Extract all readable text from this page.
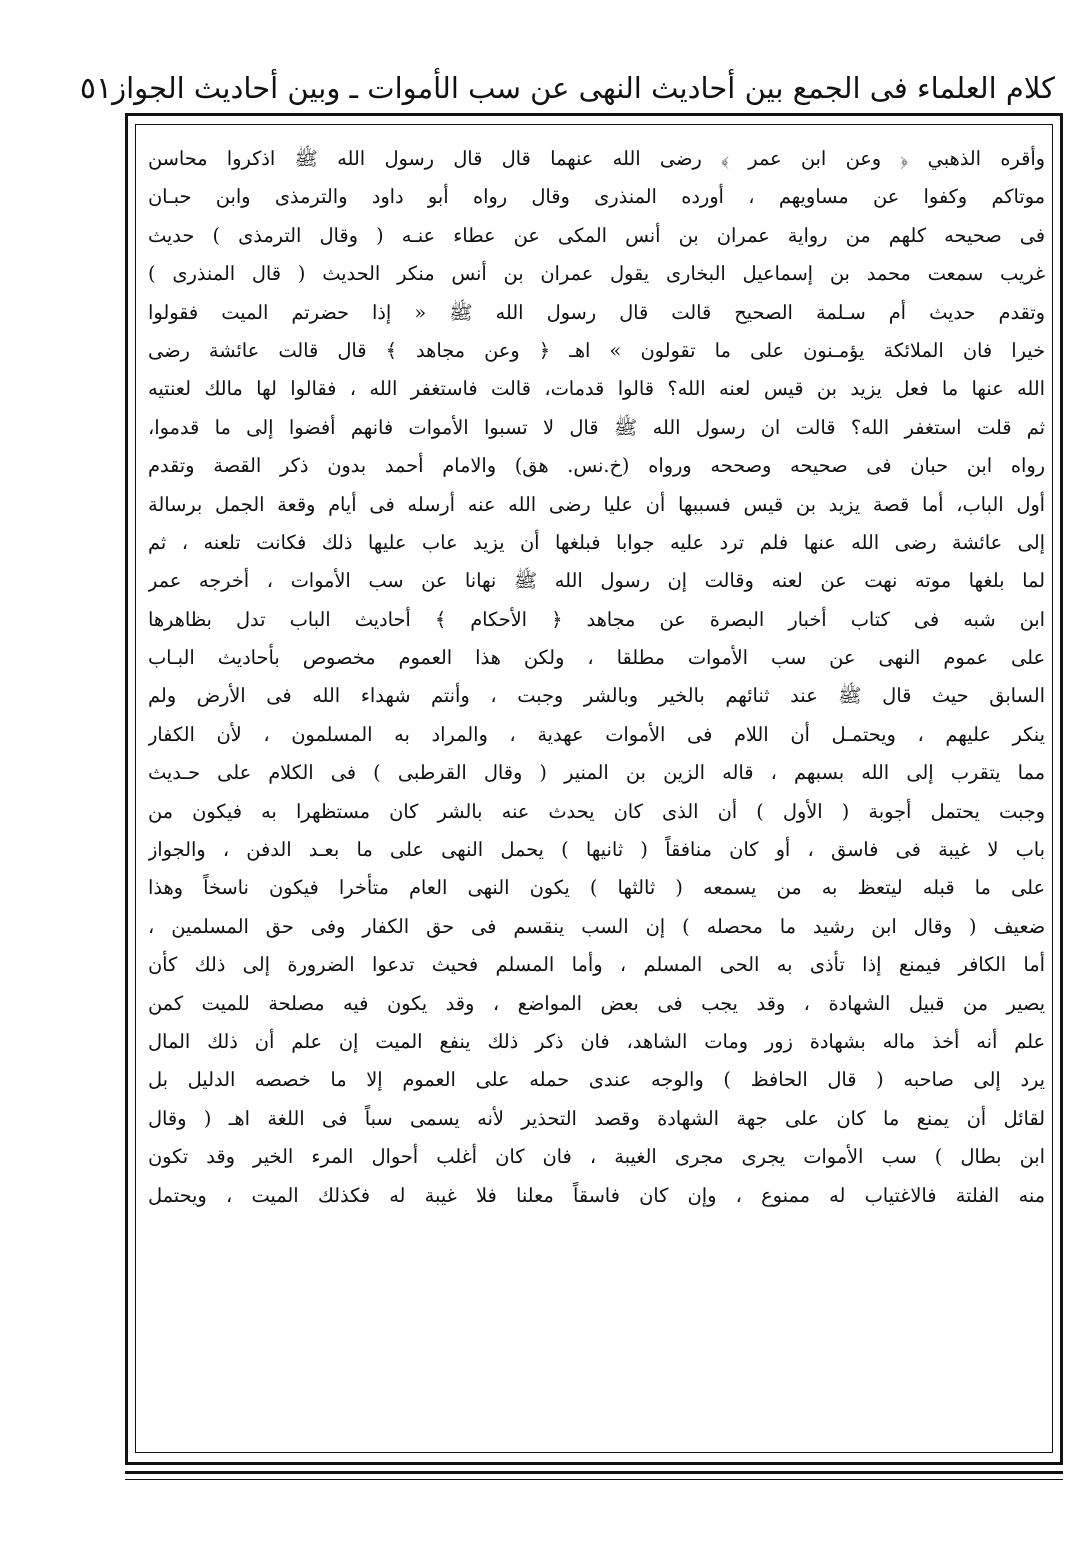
كلام العلماء فى الجمع بين أحاديث النهى عن سب الأموات ـ وبين أحاديث الجواز
٥١
وأقره الذهبي ﴿ وعن ابن عمر ﴾ رضى الله عنهما قال قال رسول الله ﷺ اذكروا محاسن
موتاكم وكفوا عن مساويهم ، أورده المنذرى وقال رواه أبو داود والترمذى وابن حبـان
فى صحيحه كلهم من رواية عمران بن أنس المكى عن عطاء عنـه ( وقال الترمذى ) حديث
غريب سمعت محمد بن إسماعيل البخارى يقول عمران بن أنس منكر الحديث ( قال المنذرى )
وتقدم حديث أم سـلمة الصحيح قالت قال رسول الله ﷺ « إذا حضرتم الميت فقولوا
خيرا فان الملائكة يؤمـنون على ما تقولون » اهـ ﴿ وعن مجاهد ﴾ قال قالت عائشة رضى
الله عنها ما فعل يزيد بن قيس لعنه الله؟ قالوا قدمات، قالت فاستغفر الله ، فقالوا لها مالك لعنتيه
ثم قلت استغفر الله؟ قالت ان رسول الله ﷺ قال لا تسبوا الأموات فانهم أفضوا إلى ما قدموا،
رواه ابن حبان فى صحيحه وصححه ورواه (خ.نس. هق) والامام أحمد بدون ذكر القصة وتقدم
أول الباب، أما قصة يزيد بن قيس فسببها أن عليا رضى الله عنه أرسله فى أيام وقعة الجمل برسالة
إلى عائشة رضى الله عنها فلم ترد عليه جوابا فبلغها أن يزيد عاب عليها ذلك فكانت تلعنه ، ثم
لما بلغها موته نهت عن لعنه وقالت إن رسول الله ﷺ نهانا عن سب الأموات ، أخرجه عمر
ابن شبه فى كتاب أخبار البصرة عن مجاهد ﴿ الأحكام ﴾ أحاديث الباب تدل بظاهرها
على عموم النهى عن سب الأموات مطلقا ، ولكن هذا العموم مخصوص بأحاديث البـاب
السابق حيث قال ﷺ عند ثنائهم بالخير وبالشر وجبت ، وأنتم شهداء الله فى الأرض ولم
ينكر عليهم ، ويحتمـل أن اللام فى الأموات عهدية ، والمراد به المسلمون ، لأن الكفار
مما يتقرب إلى الله بسبهم ، قاله الزين بن المنير ( وقال القرطبى ) فى الكلام على حـديث
وجبت يحتمل أجوبة ( الأول ) أن الذى كان يحدث عنه بالشر كان مستظهرا به فيكون من
باب لا غيبة فى فاسق ، أو كان منافقاً ( ثانيها ) يحمل النهى على ما بعـد الدفن ، والجواز
على ما قبله ليتعظ به من يسمعه ( ثالثها ) يكون النهى العام متأخرا فيكون ناسخاً وهذا
ضعيف ( وقال ابن رشيد ما محصله ) إن السب ينقسم فى حق الكفار وفى حق المسلمين ،
أما الكافر فيمنع إذا تأذى به الحى المسلم ، وأما المسلم فحيث تدعوا الضرورة إلى ذلك كأن
يصير من قبيل الشهادة ، وقد يجب فى بعض المواضع ، وقد يكون فيه مصلحة للميت كمن
علم أنه أخذ ماله بشهادة زور ومات الشاهد، فان ذكر ذلك ينفع الميت إن علم أن ذلك المال
يرد إلى صاحبه ( قال الحافظ ) والوجه عندى حمله على العموم إلا ما خصصه الدليل بل
لقائل أن يمنع ما كان على جهة الشهادة وقصد التحذير لأنه يسمى سباً فى اللغة اهـ ( وقال
ابن بطال ) سب الأموات يجرى مجرى الغيبة ، فان كان أغلب أحوال المرء الخير وقد تكون
منه الفلتة فالاغتياب له ممنوع ، وإن كان فاسقاً معلنا فلا غيبة له فكذلك الميت ، ويحتمل
